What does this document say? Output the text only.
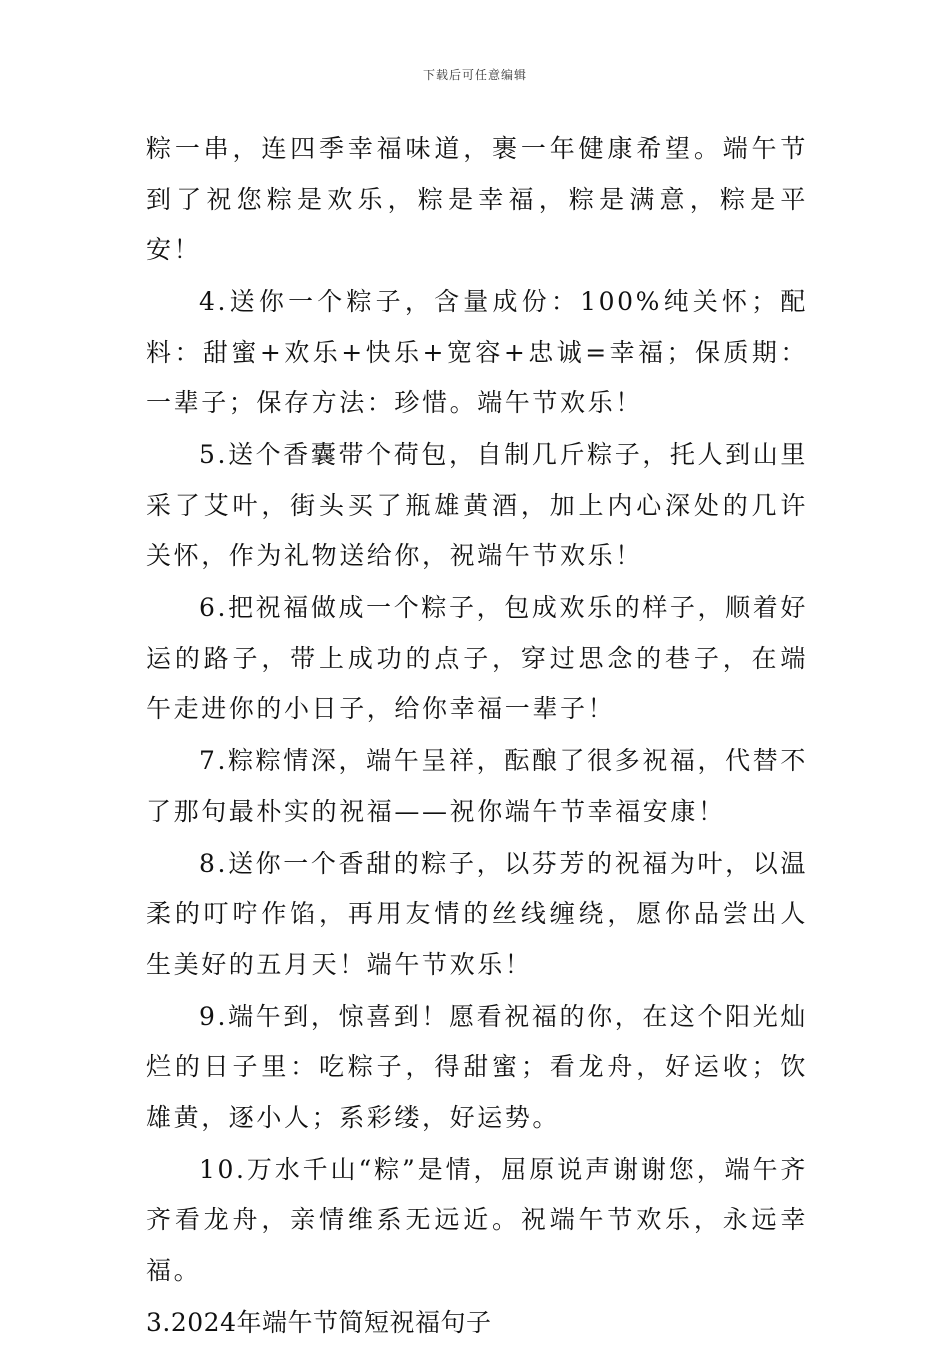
下载后可任意编辑

粽一串，连四季幸福味道，裹一年健康希望。端午节到了祝您粽是欢乐，粽是幸福，粽是满意，粽是平安！

4.送你一个粽子，含量成份：100%纯关怀；配料：甜蜜+欢乐+快乐+宽容+忠诚=幸福；保质期：一辈子；保存方法：珍惜。端午节欢乐！

5.送个香囊带个荷包，自制几斤粽子，托人到山里采了艾叶，街头买了瓶雄黄酒，加上内心深处的几许关怀，作为礼物送给你，祝端午节欢乐！

6.把祝福做成一个粽子，包成欢乐的样子，顺着好运的路子，带上成功的点子，穿过思念的巷子，在端午走进你的小日子，给你幸福一辈子！

7.粽粽情深，端午呈祥，酝酿了很多祝福，代替不了那句最朴实的祝福——祝你端午节幸福安康！

8.送你一个香甜的粽子，以芬芳的祝福为叶，以温柔的叮咛作馅，再用友情的丝线缠绕，愿你品尝出人生美好的五月天！端午节欢乐！

9.端午到，惊喜到！愿看祝福的你，在这个阳光灿烂的日子里：吃粽子，得甜蜜；看龙舟，好运收；饮雄黄，逐小人；系彩缕，好运势。

10.万水千山“粽”是情，屈原说声谢谢您，端午齐齐看龙舟，亲情维系无远近。祝端午节欢乐，永远幸福。

3.2024年端午节简短祝福句子
